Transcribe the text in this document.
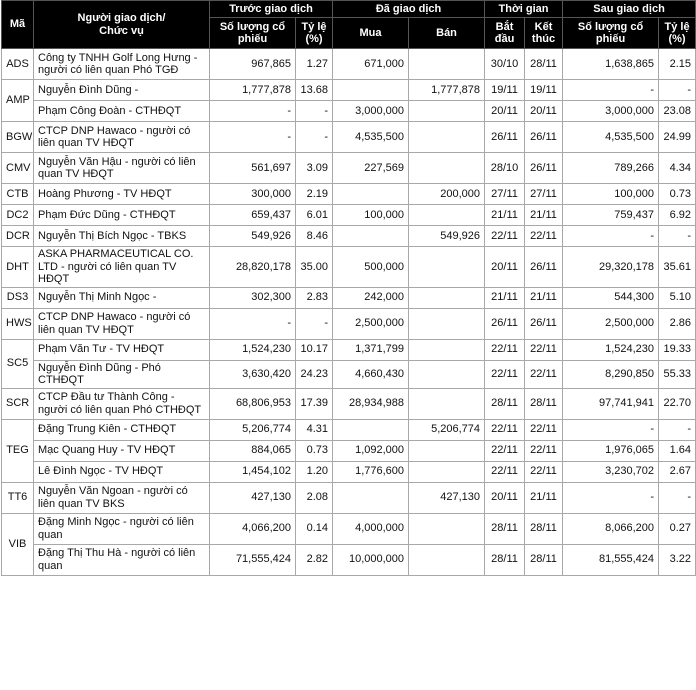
Mã	Người giao dịch/
Chức vụ	Trước giao dịch		Đã giao dịch		Thời gian		Sau giao dịch	
		Số lượng cổ phiếu	Tỷ lệ (%)	Mua	Bán	Bắt đầu	Kết thúc	Số lượng cổ phiếu	Tỷ lệ (%)
ADS	Công ty TNHH Golf Long Hưng - người có liên quan Phó TGĐ	967,865	1.27	671,000		30/10	28/11	1,638,865	2.15
AMP	Nguyễn Đình Dũng -	1,777,878	13.68		1,777,878	19/11	19/11	-	-
	Phạm Công Đoàn - CTHĐQT	-	-	3,000,000		20/11	20/11	3,000,000	23.08
BGW	CTCP DNP Hawaco - người có liên quan TV HĐQT	-	-	4,535,500		26/11	26/11	4,535,500	24.99
CMV	Nguyễn Văn Hậu - người có liên quan TV HĐQT	561,697	3.09	227,569		28/10	26/11	789,266	4.34
CTB	Hoàng Phương - TV HĐQT	300,000	2.19		200,000	27/11	27/11	100,000	0.73
DC2	Phạm Đức Dũng - CTHĐQT	659,437	6.01	100,000		21/11	21/11	759,437	6.92
DCR	Nguyễn Thị Bích Ngọc - TBKS	549,926	8.46		549,926	22/11	22/11	-	-
DHT	ASKA PHARMACEUTICAL CO. LTD - người có liên quan TV HĐQT	28,820,178	35.00	500,000		20/11	26/11	29,320,178	35.61
DS3	Nguyễn Thị Minh Ngọc -	302,300	2.83	242,000		21/11	21/11	544,300	5.10
HWS	CTCP DNP Hawaco - người có liên quan TV HĐQT	-	-	2,500,000		26/11	26/11	2,500,000	2.86
SC5	Phạm Văn Tư - TV HĐQT	1,524,230	10.17	1,371,799		22/11	22/11	1,524,230	19.33
	Nguyễn Đình Dũng - Phó CTHĐQT	3,630,420	24.23	4,660,430		22/11	22/11	8,290,850	55.33
SCR	CTCP Đầu tư Thành Công - người có liên quan Phó CTHĐQT	68,806,953	17.39	28,934,988		28/11	28/11	97,741,941	22.70
TEG	Đặng Trung Kiên - CTHĐQT	5,206,774	4.31		5,206,774	22/11	22/11	-	-
	Mạc Quang Huy - TV HĐQT	884,065	0.73	1,092,000		22/11	22/11	1,976,065	1.64
	Lê Đình Ngọc - TV HĐQT	1,454,102	1.20	1,776,600		22/11	22/11	3,230,702	2.67
TT6	Nguyễn Văn Ngoan - người có liên quan TV BKS	427,130	2.08		427,130	20/11	21/11	-	-
VIB	Đặng Minh Ngọc - người có liên quan	4,066,200	0.14	4,000,000		28/11	28/11	8,066,200	0.27
	Đặng Thị Thu Hà - người có liên quan	71,555,424	2.82	10,000,000		28/11	28/11	81,555,424	3.22
